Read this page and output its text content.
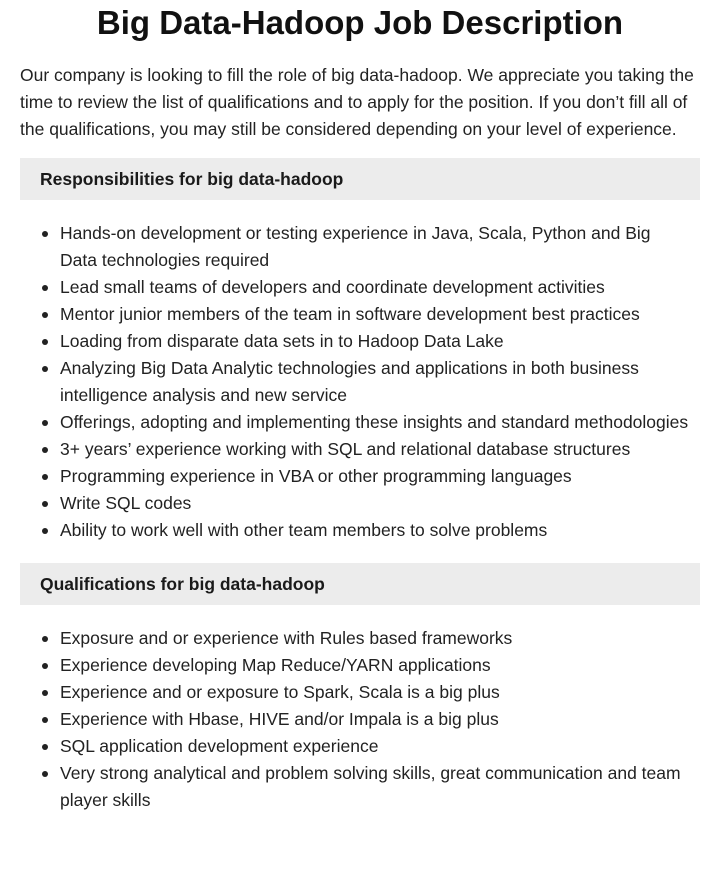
Big Data-Hadoop Job Description

Our company is looking to fill the role of big data-hadoop. We appreciate you taking the time to review the list of qualifications and to apply for the position. If you don’t fill all of the qualifications, you may still be considered depending on your level of experience.

Responsibilities for big data-hadoop
Hands-on development or testing experience in Java, Scala, Python and Big Data technologies required
Lead small teams of developers and coordinate development activities
Mentor junior members of the team in software development best practices
Loading from disparate data sets in to Hadoop Data Lake
Analyzing Big Data Analytic technologies and applications in both business intelligence analysis and new service
Offerings, adopting and implementing these insights and standard methodologies
3+ years’ experience working with SQL and relational database structures
Programming experience in VBA or other programming languages
Write SQL codes
Ability to work well with other team members to solve problems
Qualifications for big data-hadoop
Exposure and or experience with Rules based frameworks
Experience developing Map Reduce/YARN applications
Experience and or exposure to Spark, Scala is a big plus
Experience with Hbase, HIVE and/or Impala is a big plus
SQL application development experience
Very strong analytical and problem solving skills, great communication and team player skills
